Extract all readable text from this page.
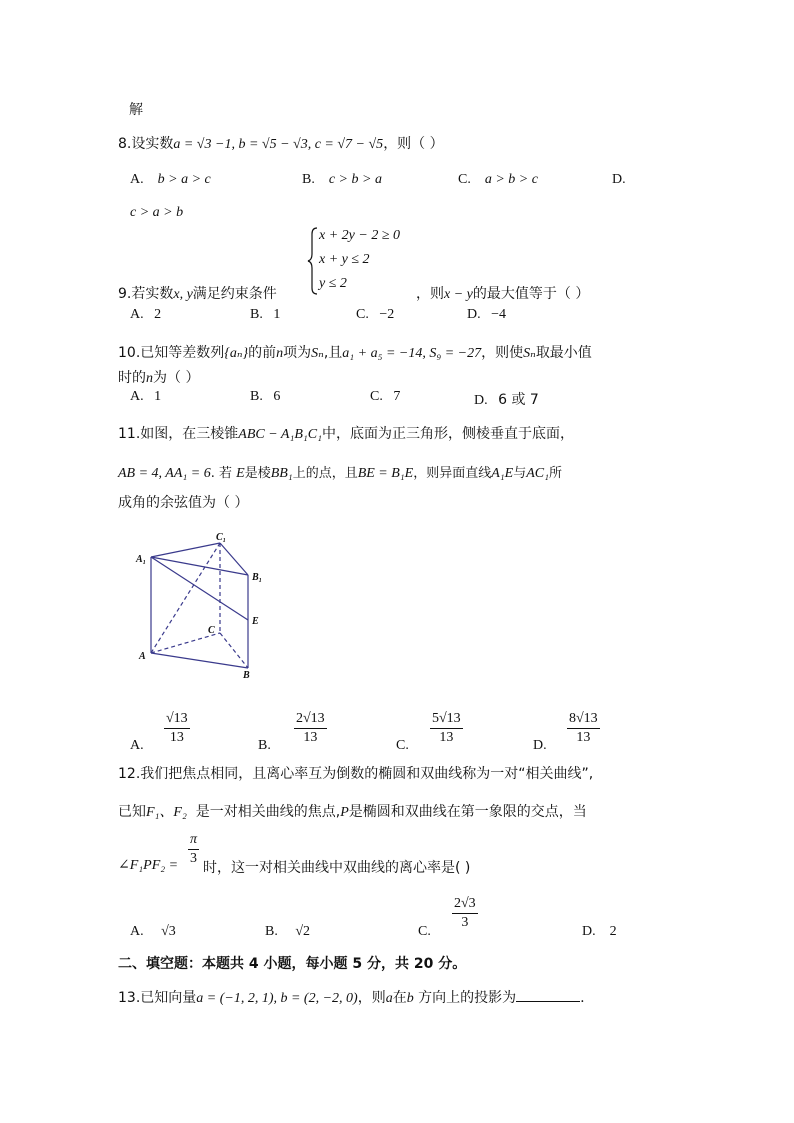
解
8.设实数a = √3 −1, b = √5 − √3, c = √7 − √5，则（ ）
A. b > a > c	B. c > b > a	C. a > b > c	D.
c > a > b
x + 2y − 2 ≥ 0
x + y ≤ 2
y ≤ 2
9.若实数x, y满足约束条件	，则x − y的最大值等于（ ）
A. 2	B. 1	C. −2	D. −4
10.已知等差数列{aₙ}的前n项为Sₙ,且a₁ + a₅ = −14, S₉ = −27，则使Sₙ取最小值
时的n为（ ）
A. 1	B. 6	C. 7	D. 6 或 7
11.如图，在三棱锥ABC − A₁B₁C₁中，底面为正三角形，侧棱垂直于底面，
AB = 4, AA₁ = 6. 若 E是棱BB₁上的点，且BE = B₁E，则异面直线A₁E与AC₁所
成角的余弦值为（ ）
C₁
A₁
B₁
E
C
A
B
A. $\frac{√13}{13}$	B. $\frac{2√13}{13}$	C. $\frac{5√13}{13}$	D. $\frac{8√13}{13}$
12.我们把焦点相同，且离心率互为倒数的椭圆和双曲线称为一对“相关曲线”,
已知F₁、F₂ 是一对相关曲线的焦点,P是椭圆和双曲线在第一象限的交点，当
∠F₁PF₂ = $\frac{\pi}{3}$
时，这一对相关曲线中双曲线的离心率是( )
A. √3	B. √2	C.
$\frac{2√3}{3}$
D. 2
二、填空题：本题共 4 小题，每小题 5 分，共 20 分。
13.已知向量a = (−1, 2, 1), b = (2, −2, 0)，则a在b 方向上的投影为	.
